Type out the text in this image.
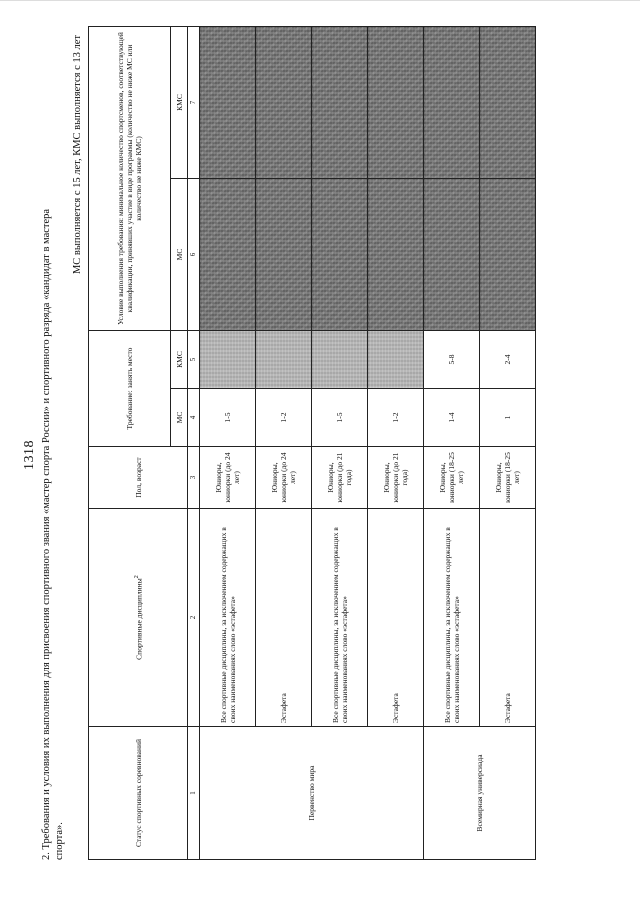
1318 2. Требования и условия их выполнения для присвоения спортивного звания «мастер спорта России» и спортивного разряда «кандидат в мастера спорта».
МС выполняется с 15 лет, КМС выполняется с 13 лет
Статус спортивных соревнований	Спортивные дисциплины$^2$	Пол, возраст	Требование: занять место		Условие выполнения требования: минимальное количество спортсменов, соответствующей квалификации, принявших участие в виде программы (количество не ниже МС или количество не ниже КМС)	
			МС	КМС	МС	КМС
1	2	3	4	5	6	7
Первенство мира	Все спортивные дисциплины, за исключением содержащих в своих наименованиях слово «эстафета»	Юниоры, юниорки (до 24 лет)	1-5			
	Эстафета	Юниоры, юниорки (до 24 лет)	1-2			
	Все спортивные дисциплины, за исключением содержащих в своих наименованиях слово «эстафета»	Юниоры, юниорки (до 21 года)	1-5			
	Эстафета	Юниоры, юниорки (до 21 года)	1-2			
Всемирная универсиада	Все спортивные дисциплины, за исключением содержащих в своих наименованиях слово «эстафета»	Юниоры, юниорки (18-25 лет)	1-4	5-8		
	Эстафета	Юниоры, юниорки (18-25 лет)	1	2-4		
